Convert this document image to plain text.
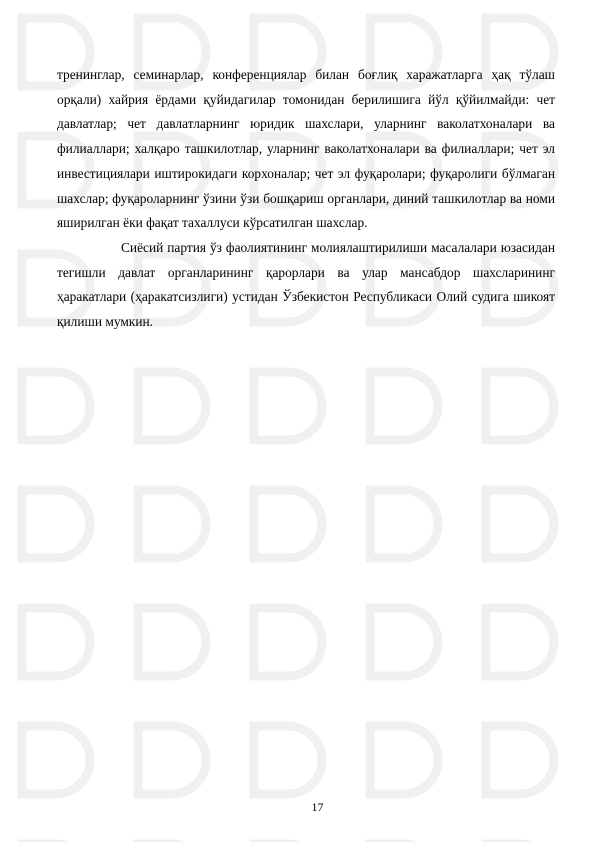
тренинглар, семинарлар, конференциялар билан боғлиқ харажатларга ҳақ тўлаш орқали) хайрия ёрдами қуйидагилар томонидан берилишига йўл қўйилмайди: чет давлатлар; чет давлатларнинг юридик шахслари, уларнинг ваколатхоналари ва филиаллари; халқаро ташкилотлар, уларнинг ваколатхоналари ва филиаллари; чет эл инвестициялари иштирокидаги корхоналар; чет эл фуқаролари; фуқаролиги бўлмаган шахслар; фуқароларнинг ўзини ўзи бошқариш органлари, диний ташкилотлар ва номи яширилган ёки фақат тахаллуси кўрсатилган шахслар.

Сиёсий партия ўз фаолиятининг молиялаштирилиши масалалари юзасидан тегишли давлат органларининг қарорлари ва улар мансабдор шахсларининг ҳаракатлари (ҳаракатсизлиги) устидан Ўзбекистон Республикаси Олий судига шикоят қилиши мумкин.

17
